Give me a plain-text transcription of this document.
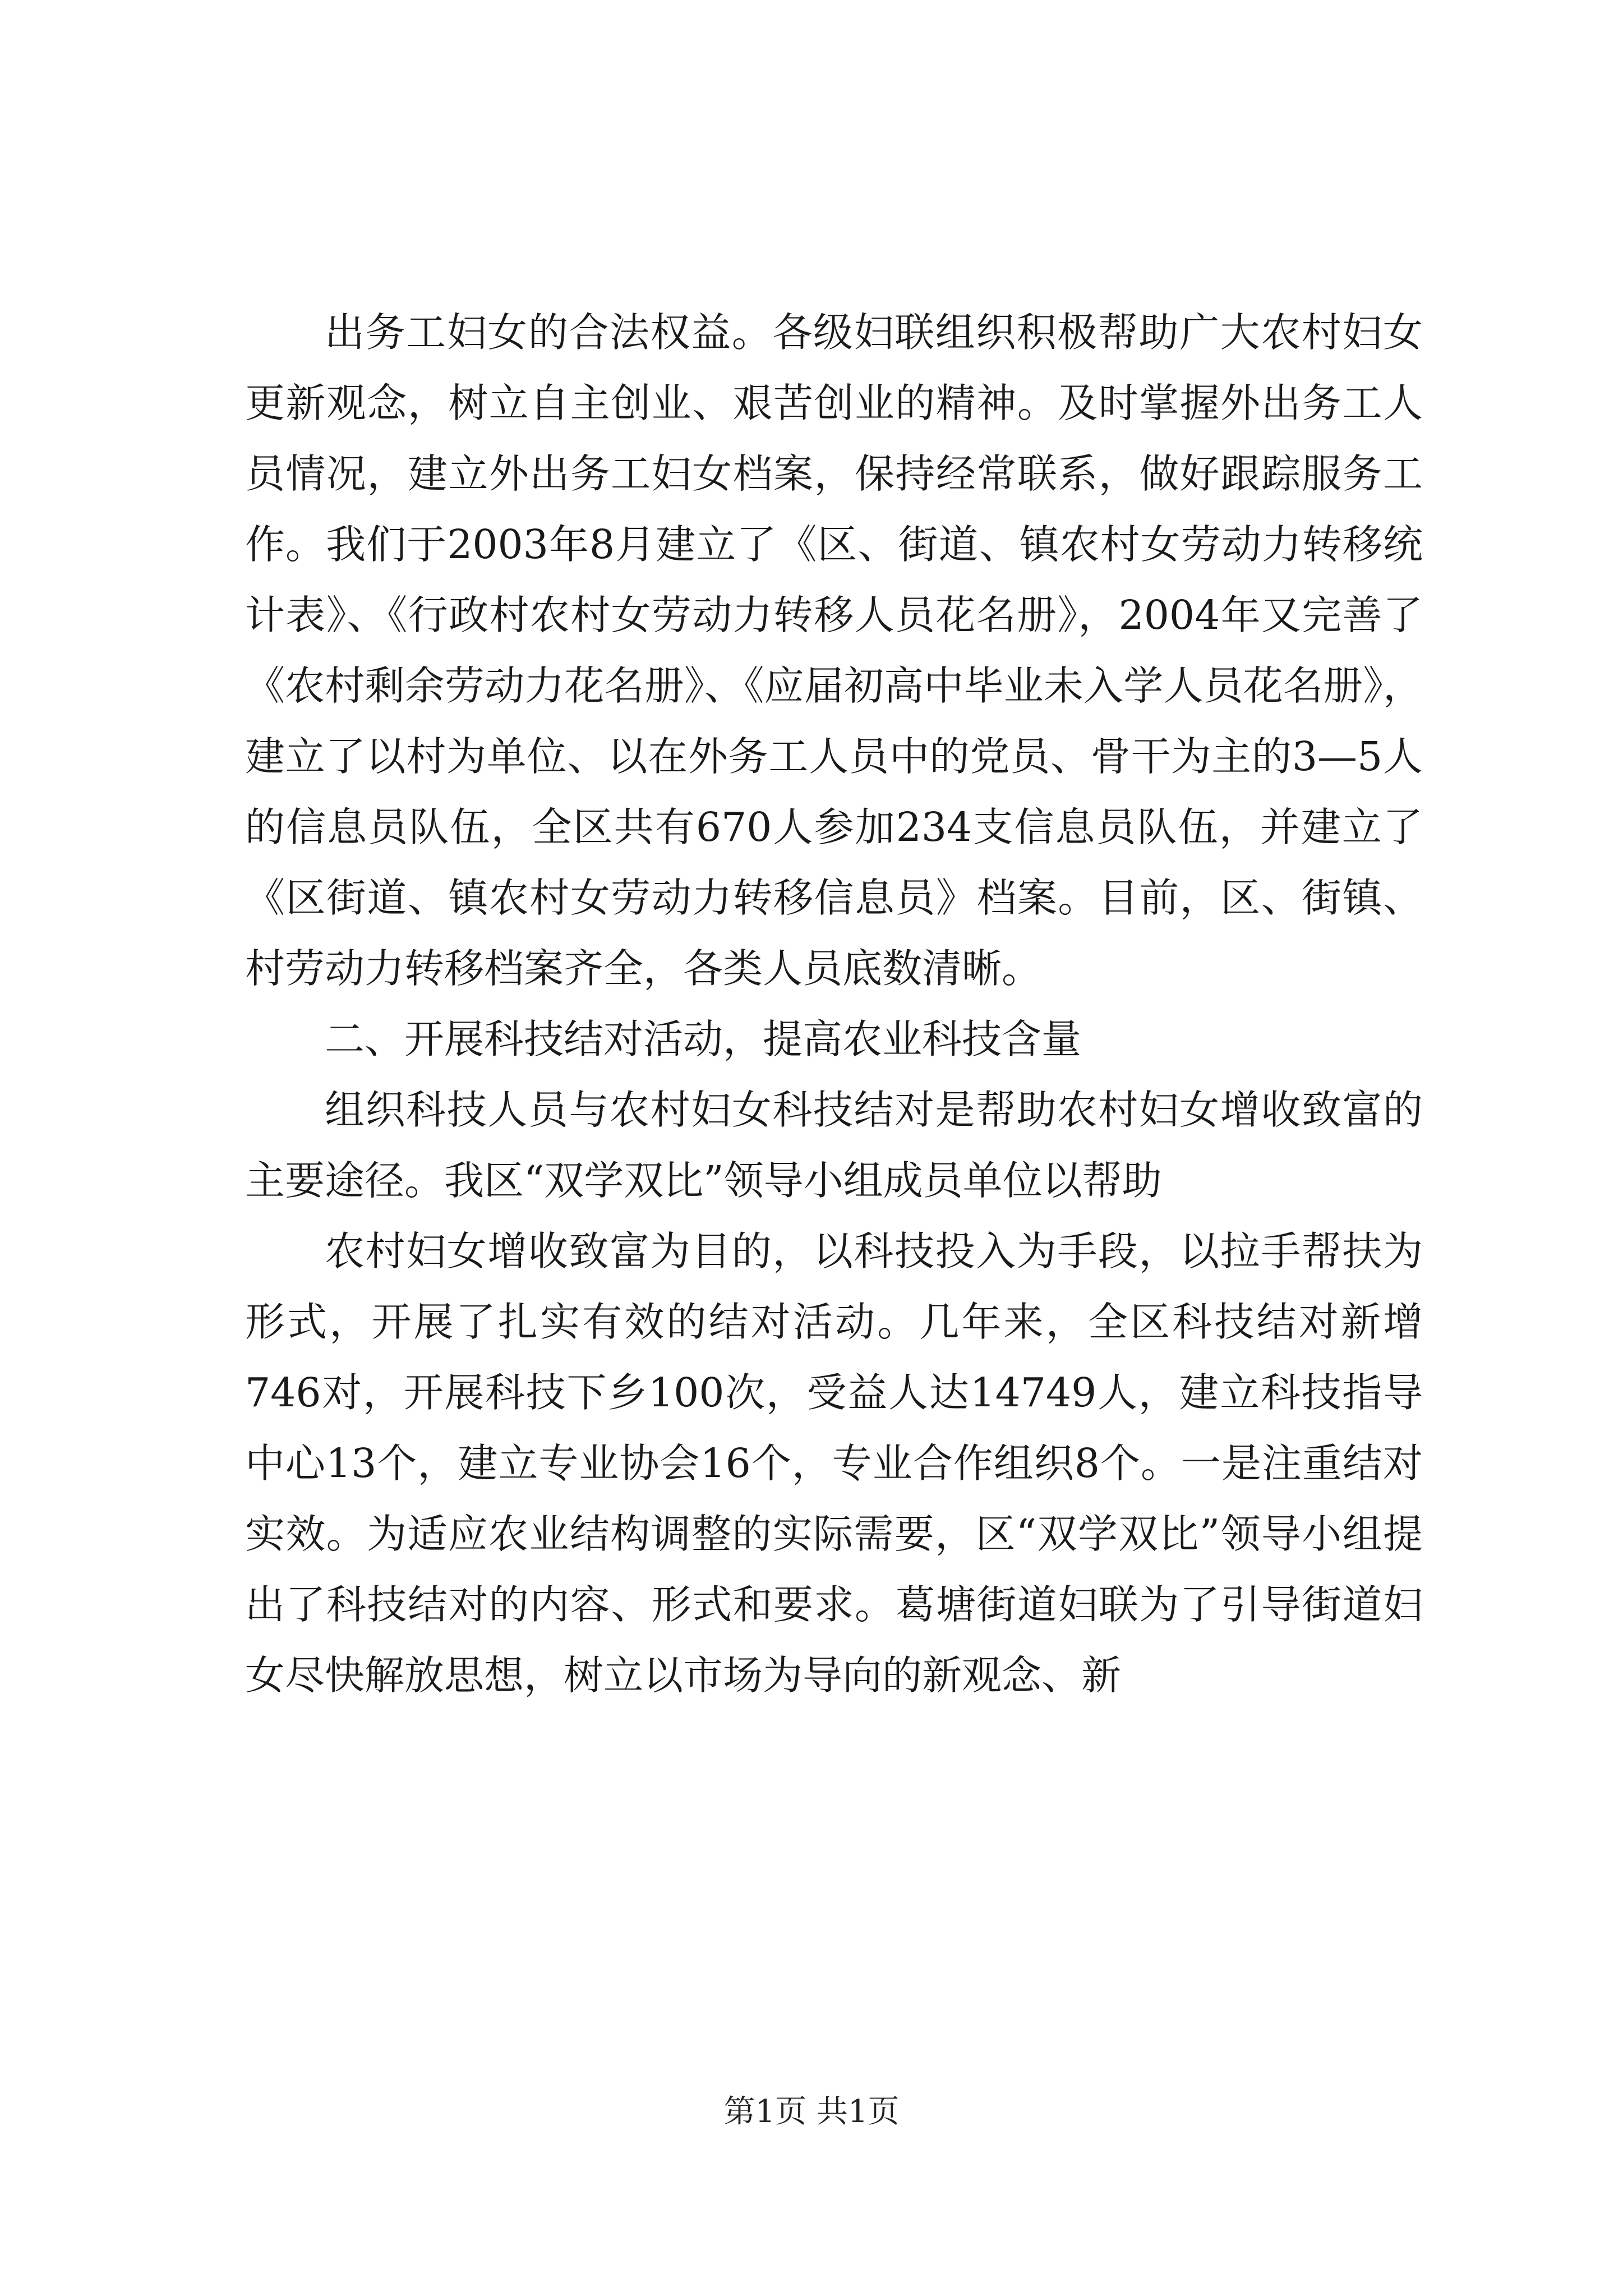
出务工妇女的合法权益。各级妇联组织积极帮助广大农村妇女更新观念，树立自主创业、艰苦创业的精神。及时掌握外出务工人员情况，建立外出务工妇女档案，保持经常联系，做好跟踪服务工作。我们于2003年8月建立了《区、街道、镇农村女劳动力转移统计表》、《行政村农村女劳动力转移人员花名册》，2004年又完善了《农村剩余劳动力花名册》、《应届初高中毕业未入学人员花名册》，建立了以村为单位、以在外务工人员中的党员、骨干为主的3—5人的信息员队伍，全区共有670人参加234支信息员队伍，并建立了《区街道、镇农村女劳动力转移信息员》档案。目前，区、街镇、村劳动力转移档案齐全，各类人员底数清晰。

二、开展科技结对活动，提高农业科技含量

组织科技人员与农村妇女科技结对是帮助农村妇女增收致富的主要途径。我区“双学双比”领导小组成员单位以帮助

农村妇女增收致富为目的，以科技投入为手段，以拉手帮扶为形式，开展了扎实有效的结对活动。几年来，全区科技结对新增746对，开展科技下乡100次，受益人达14749人，建立科技指导中心13个，建立专业协会16个，专业合作组织8个。一是注重结对实效。为适应农业结构调整的实际需要，区“双学双比”领导小组提出了科技结对的内容、形式和要求。葛塘街道妇联为了引导街道妇女尽快解放思想，树立以市场为导向的新观念、新

第1页 共1页
